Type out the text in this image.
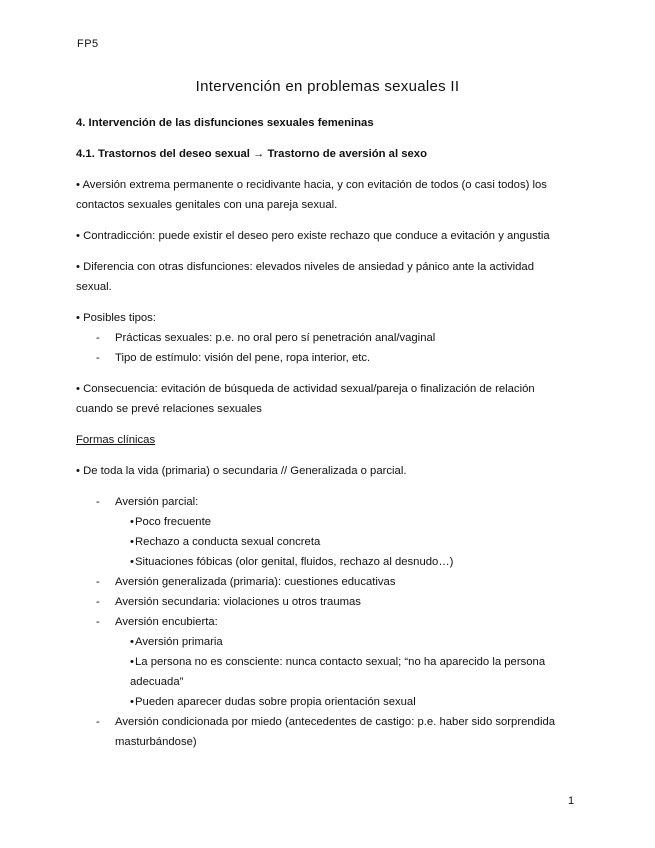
FP5
Intervención en problemas sexuales II

4. Intervención de las disfunciones sexuales femeninas

4.1. Trastornos del deseo sexual → Trastorno de aversión al sexo

• Aversión extrema permanente o recidivante hacia, y con evitación de todos (o casi todos) los

contactos sexuales genitales con una pareja sexual.

• Contradicción: puede existir el deseo pero existe rechazo que conduce a evitación y angustia

• Diferencia con otras disfunciones: elevados niveles de ansiedad y pánico ante la actividad

sexual.

• Posibles tipos:

- Prácticas sexuales: p.e. no oral pero sí penetración anal/vaginal
- Tipo de estímulo: visión del pene, ropa interior, etc.

• Consecuencia: evitación de búsqueda de actividad sexual/pareja o finalización de relación

cuando se prevé relaciones sexuales

Formas clínicas

• De toda la vida (primaria) o secundaria // Generalizada o parcial.

- Aversión parcial:
• Poco frecuente
• Rechazo a conducta sexual concreta
• Situaciones fóbicas (olor genital, fluidos, rechazo al desnudo…)
- Aversión generalizada (primaria): cuestiones educativas
- Aversión secundaria: violaciones u otros traumas
- Aversión encubierta:
• Aversión primaria
• La persona no es consciente: nunca contacto sexual; “no ha aparecido la persona
adecuada”
• Pueden aparecer dudas sobre propia orientación sexual
- Aversión condicionada por miedo (antecedentes de castigo: p.e. haber sido sorprendida
masturbándose)
1
